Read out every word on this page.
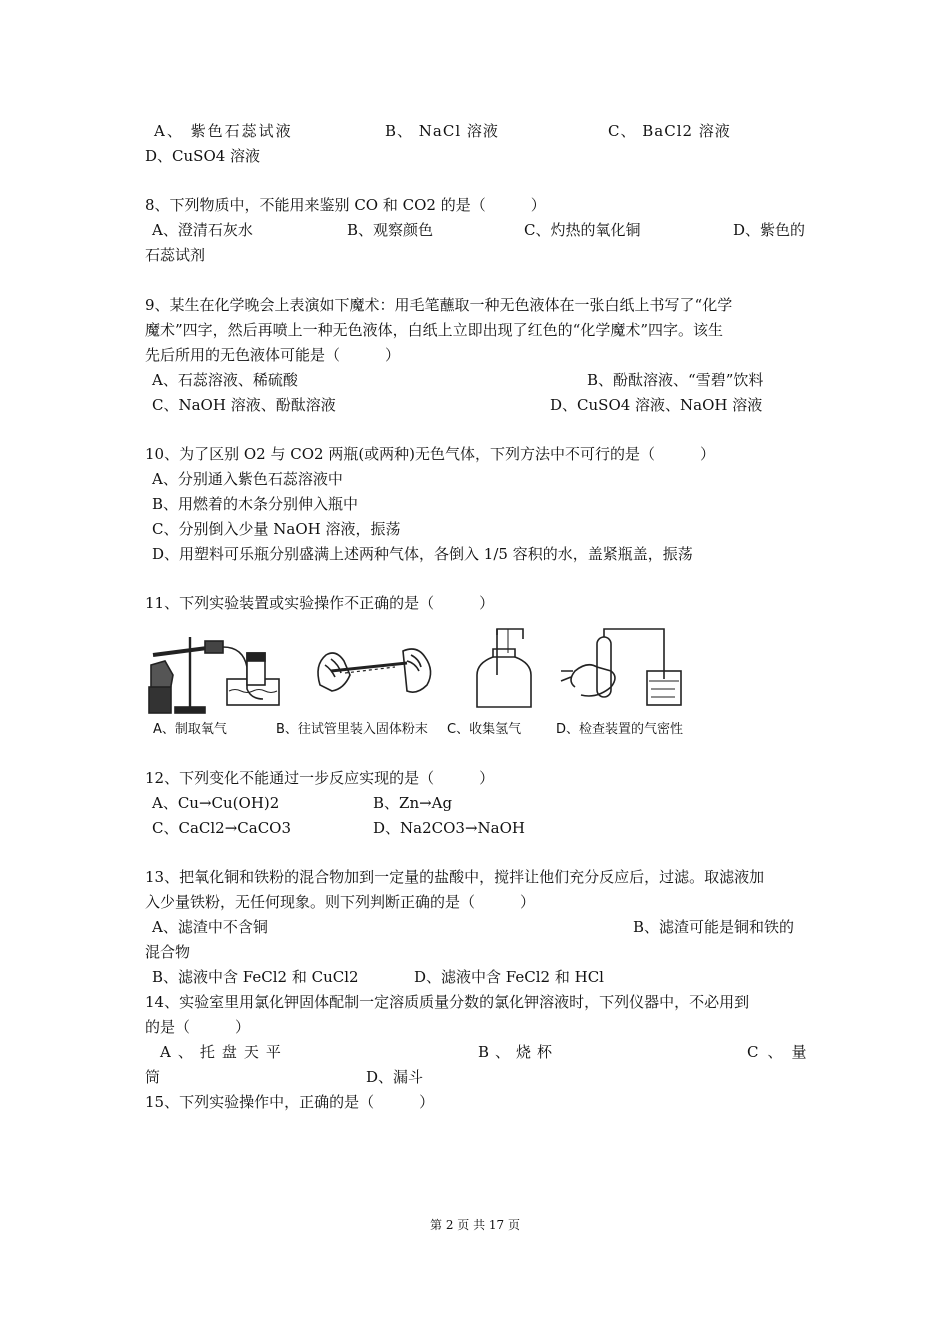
A、 紫色石蕊试液	B、 NaCl 溶液	C、 BaCl2 溶液
D、CuSO4 溶液
8、下列物质中，不能用来鉴别 CO 和 CO2 的是（　　　）
A、澄清石灰水	B、观察颜色	C、灼热的氧化铜	D、紫色的
石蕊试剂
9、某生在化学晚会上表演如下魔术：用毛笔蘸取一种无色液体在一张白纸上书写了“化学
魔术”四字，然后再喷上一种无色液体，白纸上立即出现了红色的“化学魔术”四字。该生
先后所用的无色液体可能是（　　　）
A、石蕊溶液、稀硫酸	B、酚酞溶液、“雪碧”饮料
C、NaOH 溶液、酚酞溶液	D、CuSO4 溶液、NaOH 溶液
10、为了区别 O2 与 CO2 两瓶(或两种)无色气体，下列方法中不可行的是（　　　）
A、分别通入紫色石蕊溶液中
B、用燃着的木条分别伸入瓶中
C、分别倒入少量 NaOH 溶液，振荡
D、用塑料可乐瓶分别盛满上述两种气体，各倒入 1/5 容积的水，盖紧瓶盖，振荡
11、下列实验装置或实验操作不正确的是（　　　）
A、制取氧气	B、往试管里装入固体粉末 C、收集氢气	D、检查装置的气密性
12、下列变化不能通过一步反应实现的是（　　　）
A、Cu→Cu(OH)2	B、Zn→Ag
C、CaCl2→CaCO3	D、Na2CO3→NaOH
13、把氧化铜和铁粉的混合物加到一定量的盐酸中，搅拌让他们充分反应后，过滤。取滤液加
入少量铁粉，无任何现象。则下列判断正确的是（　　　）
A、滤渣中不含铜	B、滤渣可能是铜和铁的
混合物
B、滤液中含 FeCl2 和 CuCl2	D、滤液中含 FeCl2 和 HCl
14、实验室里用氯化钾固体配制一定溶质质量分数的氯化钾溶液时，下列仪器中，不必用到
的是（　　　）
A、托盘天平	B、烧杯	C、量
筒	D、漏斗
15、下列实验操作中，正确的是（　　　）
第 2 页 共 17 页
